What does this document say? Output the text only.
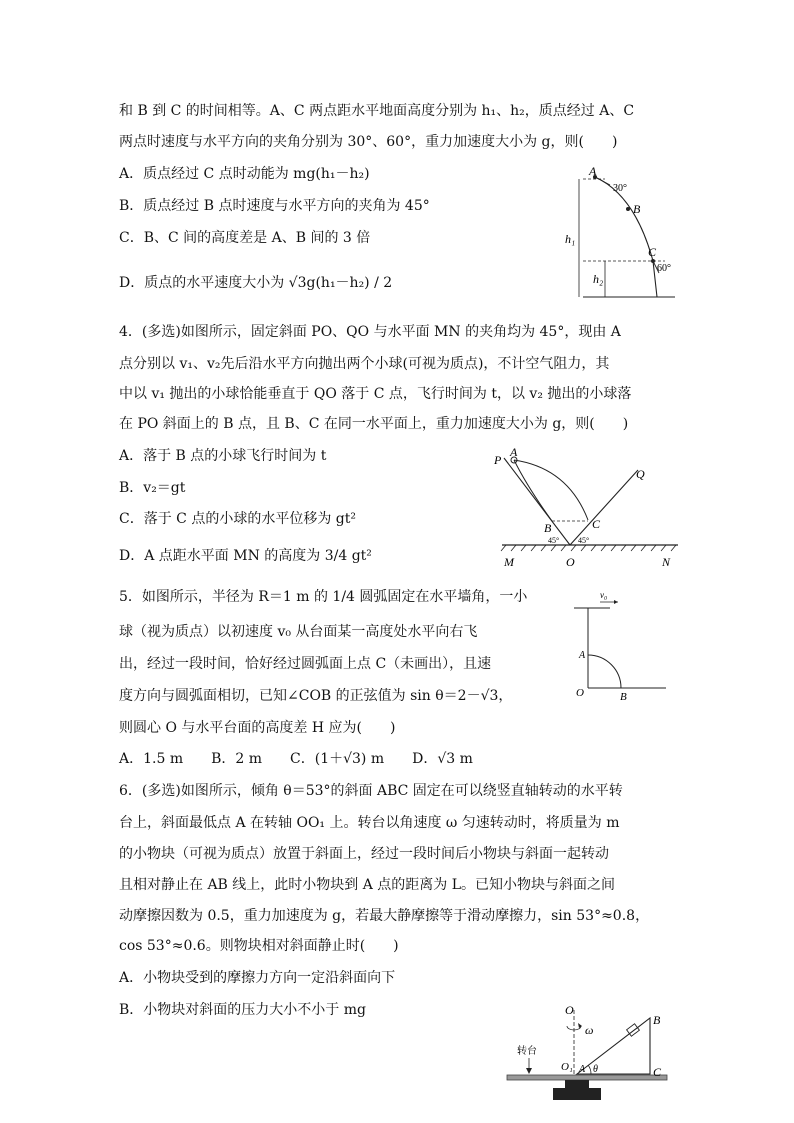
和 B 到 C 的时间相等。A、C 两点距水平地面高度分别为 h₁、h₂，质点经过 A、C
两点时速度与水平方向的夹角分别为 30°、60°，重力加速度大小为 g，则(　　)
A．质点经过 C 点时动能为 mg(h₁－h₂)
B．质点经过 B 点时速度与水平方向的夹角为 45°
C．B、C 间的高度差是 A、B 间的 3 倍
D．质点的水平速度大小为 √3g(h₁－h₂) / 2
4．(多选)如图所示，固定斜面 PO、QO 与水平面 MN 的夹角均为 45°，现由 A
点分别以 v₁、v₂先后沿水平方向抛出两个小球(可视为质点)，不计空气阻力，其
中以 v₁ 抛出的小球恰能垂直于 QO 落于 C 点，飞行时间为 t，以 v₂ 抛出的小球落
在 PO 斜面上的 B 点，且 B、C 在同一水平面上，重力加速度大小为 g，则(　　)
A．落于 B 点的小球飞行时间为 t
B．v₂＝gt
C．落于 C 点的小球的水平位移为 gt²
D．A 点距水平面 MN 的高度为 3/4 gt²
5．如图所示，半径为 R＝1 m 的 1/4 圆弧固定在水平墙角，一小
球（视为质点）以初速度 v₀ 从台面某一高度处水平向右飞
出，经过一段时间，恰好经过圆弧面上点 C（未画出），且速
度方向与圆弧面相切，已知∠COB 的正弦值为 sin θ＝2－√3，
则圆心 O 与水平台面的高度差 H 应为(　　)
A．1.5 m　　B．2 m　　C．(1＋√3) m　　D．√3 m
6．(多选)如图所示，倾角 θ＝53°的斜面 ABC 固定在可以绕竖直轴转动的水平转
台上，斜面最低点 A 在转轴 OO₁ 上。转台以角速度 ω 匀速转动时，将质量为 m
的小物块（可视为质点）放置于斜面上，经过一段时间后小物块与斜面一起转动
且相对静止在 AB 线上，此时小物块到 A 点的距离为 L。已知小物块与斜面之间
动摩擦因数为 0.5，重力加速度为 g，若最大静摩擦等于滑动摩擦力，sin 53°≈0.8，
cos 53°≈0.6。则物块相对斜面静止时(　　)
A．小物块受到的摩擦力方向一定沿斜面向下
B．小物块对斜面的压力大小不小于 mg
A
B
C
30°
60°
h₁
h₂
P
A
Q
B	C
M	O	N
45° 45°
v₀
A
O	B
O
ω
B
转台
O₁ A θ	C
